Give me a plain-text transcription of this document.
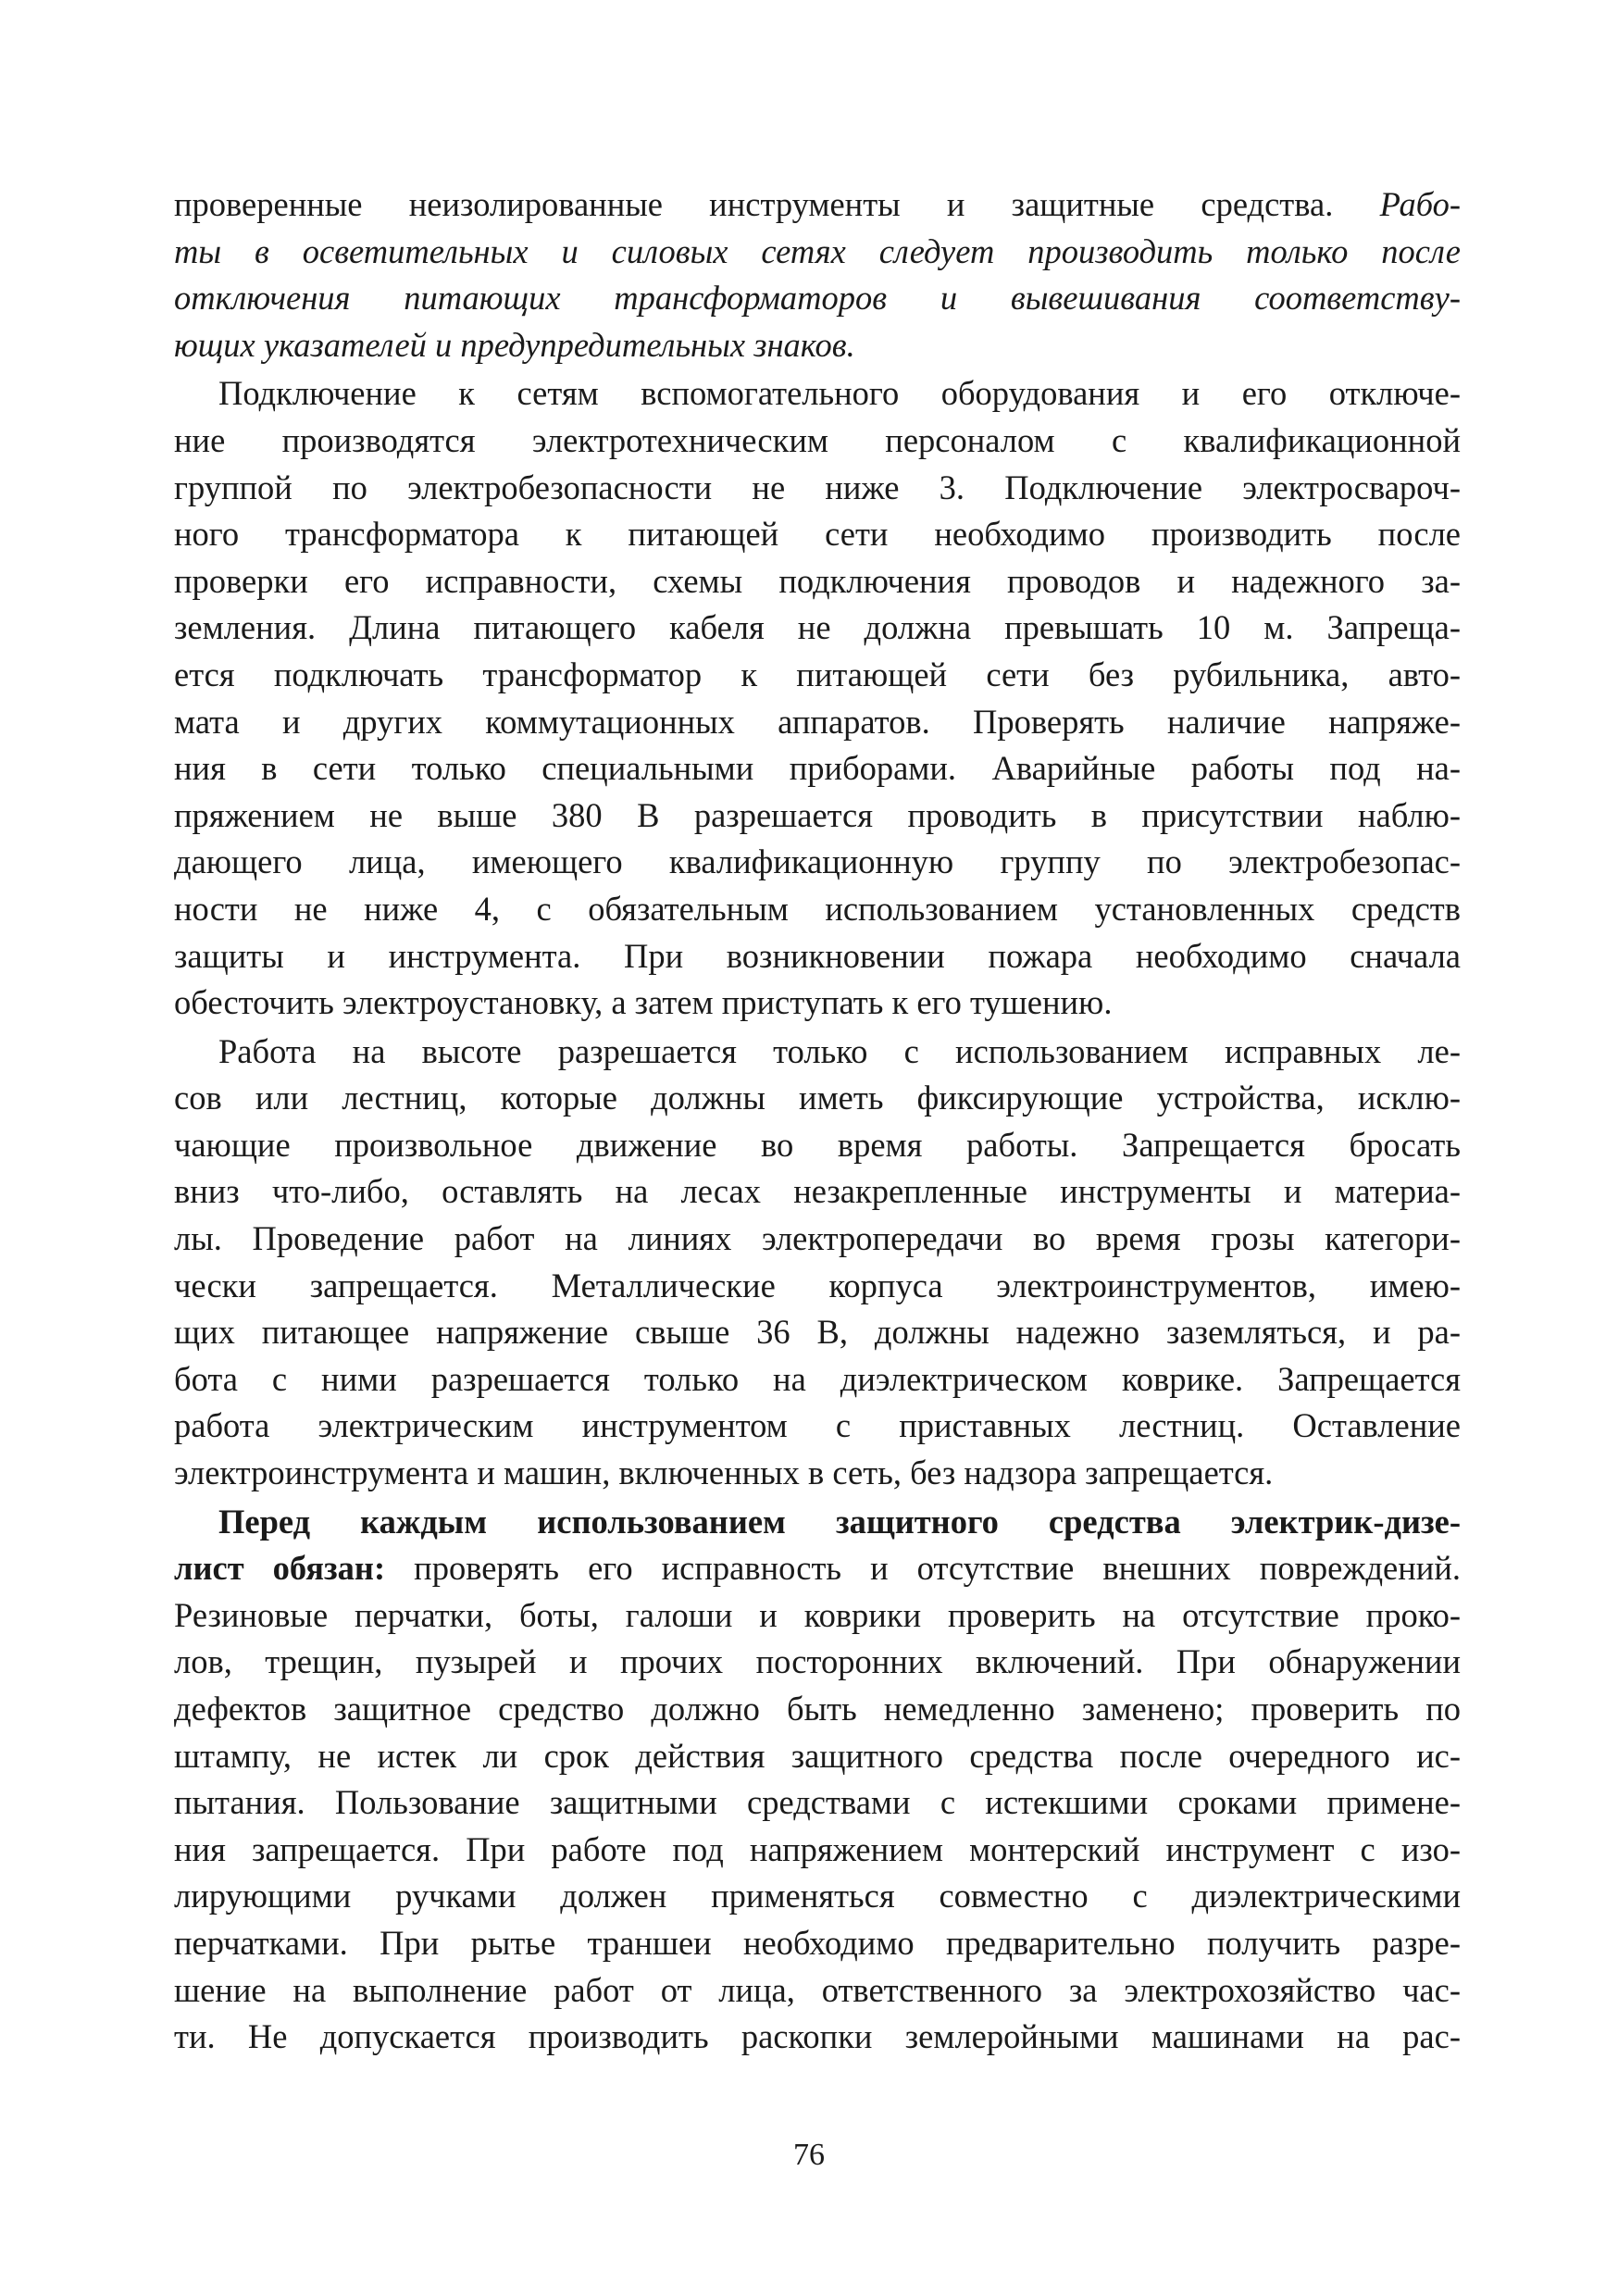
проверенные неизолированные инструменты и защитные средства. Рабо-
ты в осветительных и силовых сетях следует производить только после
отключения питающих трансформаторов и вывешивания соответству-
ющих указателей и предупредительных знаков.
Подключение к сетям вспомогательного оборудования и его отключе-
ние производятся электротехническим персоналом с квалификационной
группой по электробезопасности не ниже 3. Подключение электросвароч-
ного трансформатора к питающей сети необходимо производить после
проверки его исправности, схемы подключения проводов и надежного за-
земления. Длина питающего кабеля не должна превышать 10 м. Запреща-
ется подключать трансформатор к питающей сети без рубильника, авто-
мата и других коммутационных аппаратов. Проверять наличие напряже-
ния в сети только специальными приборами. Аварийные работы под на-
пряжением не выше 380 В разрешается проводить в присутствии наблю-
дающего лица, имеющего квалификационную группу по электробезопас-
ности не ниже 4, с обязательным использованием установленных средств
защиты и инструмента. При возникновении пожара необходимо сначала
обесточить электроустановку, а затем приступать к его тушению.
Работа на высоте разрешается только с использованием исправных ле-
сов или лестниц, которые должны иметь фиксирующие устройства, исклю-
чающие произвольное движение во время работы. Запрещается бросать
вниз что-либо, оставлять на лесах незакрепленные инструменты и материа-
лы. Проведение работ на линиях электропередачи во время грозы категори-
чески запрещается. Металлические корпуса электроинструментов, имею-
щих питающее напряжение свыше 36 В, должны надежно заземляться, и ра-
бота с ними разрешается только на диэлектрическом коврике. Запрещается
работа электрическим инструментом с приставных лестниц. Оставление
электроинструмента и машин, включенных в сеть, без надзора запрещается.
Перед каждым использованием защитного средства электрик-дизе-
лист обязан: проверять его исправность и отсутствие внешних повреждений.
Резиновые перчатки, боты, галоши и коврики проверить на отсутствие проко-
лов, трещин, пузырей и прочих посторонних включений. При обнаружении
дефектов защитное средство должно быть немедленно заменено; проверить по
штампу, не истек ли срок действия защитного средства после очередного ис-
пытания. Пользование защитными средствами с истекшими сроками примене-
ния запрещается. При работе под напряжением монтерский инструмент с изо-
лирующими ручками должен применяться совместно с диэлектрическими
перчатками. При рытье траншеи необходимо предварительно получить разре-
шение на выполнение работ от лица, ответственного за электрохозяйство час-
ти. Не допускается производить раскопки землеройными машинами на рас-
76
